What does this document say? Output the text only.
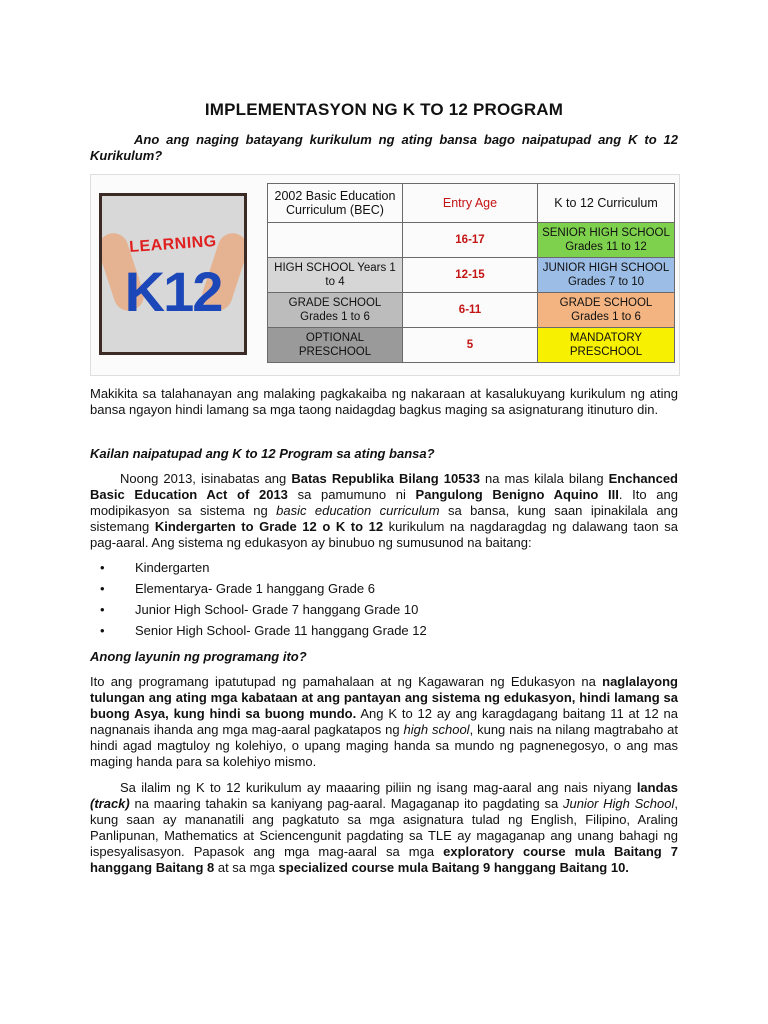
IMPLEMENTASYON NG K TO 12 PROGRAM

Ano ang naging batayang kurikulum ng ating bansa bago naipatupad ang K to 12 Kurikulum?

LEARNING
K12
2002 Basic Education Curriculum (BEC)	Entry Age	K to 12 Curriculum
	16-17	SENIOR HIGH SCHOOL Grades 11 to 12
HIGH SCHOOL Years 1 to 4	12-15	JUNIOR HIGH SCHOOL Grades 7 to 10
GRADE SCHOOL Grades 1 to 6	6-11	GRADE SCHOOL Grades 1 to 6
OPTIONAL PRESCHOOL	5	MANDATORY PRESCHOOL

Makikita sa talahanayan ang malaking pagkakaiba ng nakaraan at kasalukuyang kurikulum ng ating bansa ngayon hindi lamang sa mga taong naidagdag bagkus maging sa asignaturang itinuturo din.

Kailan naipatupad ang K to 12 Program sa ating bansa?

Noong 2013, isinabatas ang Batas Republika Bilang 10533 na mas kilala bilang Enchanced Basic Education Act of 2013 sa pamumuno ni Pangulong Benigno Aquino III. Ito ang modipikasyon sa sistema ng basic education curriculum sa bansa, kung saan ipinakilala ang sistemang Kindergarten to Grade 12 o K to 12 kurikulum na nagdaragdag ng dalawang taon sa pag-aaral. Ang sistema ng edukasyon ay binubuo ng sumusunod na baitang:

• Kindergarten
• Elementarya- Grade 1 hanggang Grade 6
• Junior High School- Grade 7 hanggang Grade 10
• Senior High School- Grade 11 hanggang Grade 12

Anong layunin ng programang ito?

Ito ang programang ipatutupad ng pamahalaan at ng Kagawaran ng Edukasyon na naglalayong tulungan ang ating mga kabataan at ang pantayan ang sistema ng edukasyon, hindi lamang sa buong Asya, kung hindi sa buong mundo. Ang K to 12 ay ang karagdagang baitang 11 at 12 na nagnanais ihanda ang mga mag-aaral pagkatapos ng high school, kung nais na nilang magtrabaho at hindi agad magtuloy ng kolehiyo, o upang maging handa sa mundo ng pagnenegosyo, o ang mas maging handa para sa kolehiyo mismo.

Sa ilalim ng K to 12 kurikulum ay maaaring piliin ng isang mag-aaral ang nais niyang landas (track) na maaring tahakin sa kaniyang pag-aaral. Magaganap ito pagdating sa Junior High School, kung saan ay mananatili ang pagkatuto sa mga asignatura tulad ng English, Filipino, Araling Panlipunan, Mathematics at Sciencengunit pagdating sa TLE ay magaganap ang unang bahagi ng ispesyalisasyon. Papasok ang mga mag-aaral sa mga exploratory course mula Baitang 7 hanggang Baitang 8 at sa mga specialized course mula Baitang 9 hanggang Baitang 10.
